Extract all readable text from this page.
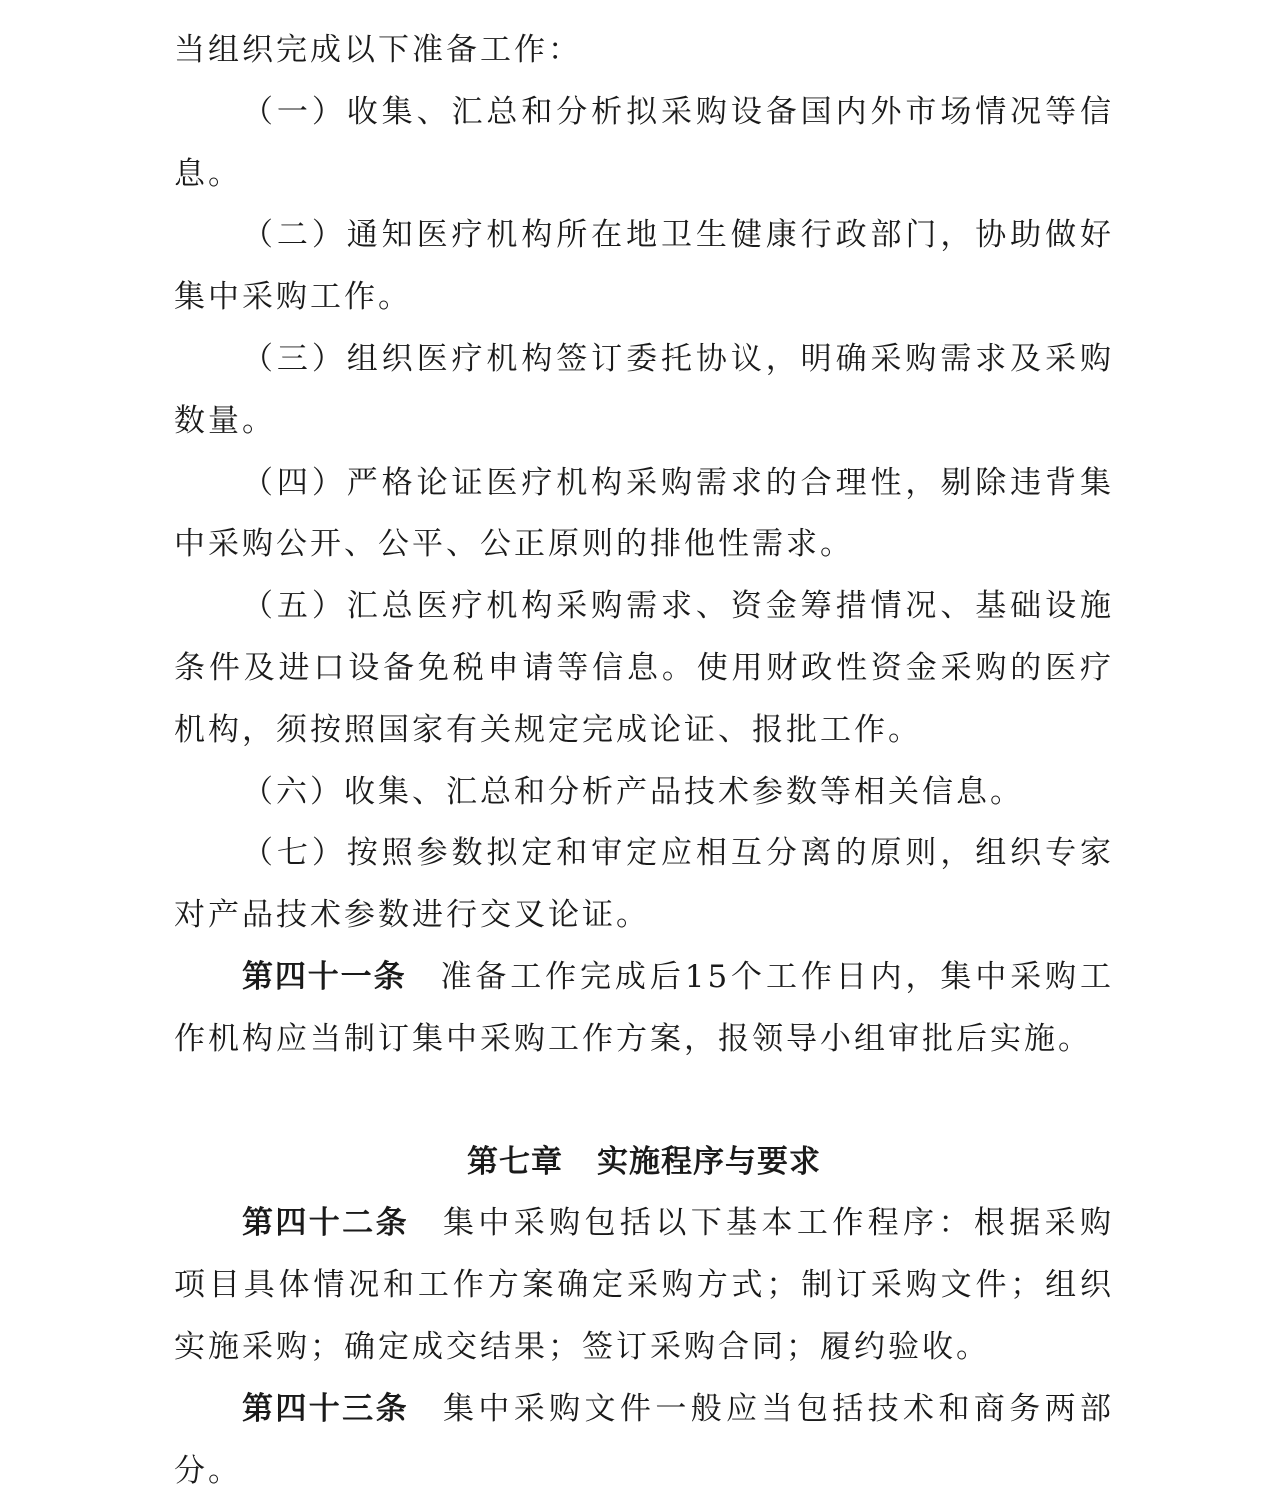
当组织完成以下准备工作：

（一）收集、汇总和分析拟采购设备国内外市场情况等信息。

（二）通知医疗机构所在地卫生健康行政部门，协助做好集中采购工作。

（三）组织医疗机构签订委托协议，明确采购需求及采购数量。

（四）严格论证医疗机构采购需求的合理性，剔除违背集中采购公开、公平、公正原则的排他性需求。

（五）汇总医疗机构采购需求、资金筹措情况、基础设施条件及进口设备免税申请等信息。使用财政性资金采购的医疗机构，须按照国家有关规定完成论证、报批工作。

（六）收集、汇总和分析产品技术参数等相关信息。

（七）按照参数拟定和审定应相互分离的原则，组织专家对产品技术参数进行交叉论证。

第四十一条 准备工作完成后15个工作日内，集中采购工作机构应当制订集中采购工作方案，报领导小组审批后实施。

第七章 实施程序与要求

第四十二条 集中采购包括以下基本工作程序：根据采购项目具体情况和工作方案确定采购方式；制订采购文件；组织实施采购；确定成交结果；签订采购合同；履约验收。

第四十三条 集中采购文件一般应当包括技术和商务两部分。
